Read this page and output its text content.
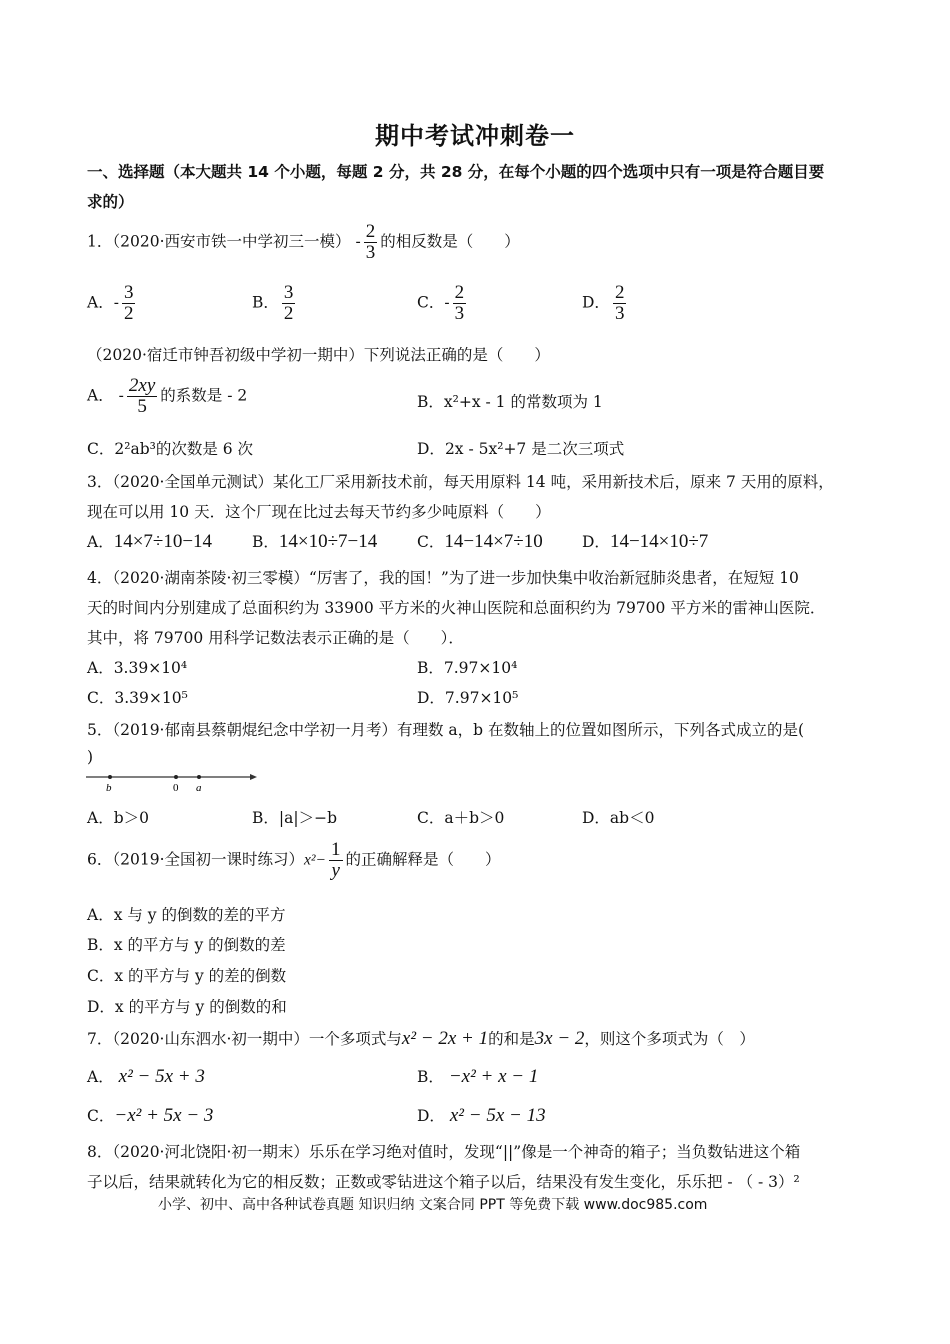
期中考试冲刺卷一
一、选择题（本大题共 14 个小题，每题 2 分，共 28 分，在每个小题的四个选项中只有一项是符合题目要
求的）
1．（2020·西安市铁一中学初三一模） - $\frac{2}{3}$ 的相反数是（　　）
A．- $\frac{3}{2}$	B． $\frac{3}{2}$	C．- $\frac{2}{3}$	D． $\frac{2}{3}$
（2020·宿迁市钟吾初级中学初一期中）下列说法正确的是（　　）
A． - $\frac{2xy}{5}$ 的系数是 - 2	B．x²+x - 1 的常数项为 1
C．2²ab³的次数是 6 次	D．2x - 5x²+7 是二次三项式
3．（2020·全国单元测试）某化工厂采用新技术前，每天用原料 14 吨，采用新技术后，原来 7 天用的原料，
现在可以用 10 天．这个厂现在比过去每天节约多少吨原料（　　）
A．14×7÷10−14	B．14×10÷7−14	C．14−14×7÷10	D．14−14×10÷7
4．（2020·湖南茶陵·初三零模）“厉害了，我的国！”为了进一步加快集中收治新冠肺炎患者，在短短 10
天的时间内分别建成了总面积约为 33900 平方米的火神山医院和总面积约为 79700 平方米的雷神山医院．
其中，将 79700 用科学记数法表示正确的是（　　）．
A．3.39×10⁴	B．7.97×10⁴
C．3.39×10⁵	D．7.97×10⁵
5．（2019·郁南县蔡朝焜纪念中学初一月考）有理数 a，b 在数轴上的位置如图所示，下列各式成立的是(
)
b	0 a
A．b＞0	B．|a|＞−b	C．a＋b＞0	D．ab＜0
6．（2019·全国初一课时练习）$x^2- \frac{1}{y}$ 的正确解释是（　　）
A．x 与 y 的倒数的差的平方
B．x 的平方与 y 的倒数的差
C．x 的平方与 y 的差的倒数
D．x 的平方与 y 的倒数的和
7．（2020·山东泗水·初一期中）一个多项式与x² − 2x + 1的和是3x − 2，则这个多项式为（　）
A． x² − 5x + 3	B． −x² + x − 1
C．−x² + 5x − 3	D． x² − 5x − 13
8．（2020·河北饶阳·初一期末）乐乐在学习绝对值时，发现“||”像是一个神奇的箱子；当负数钻进这个箱
子以后，结果就转化为它的相反数；正数或零钻进这个箱子以后，结果没有发生变化，乐乐把 - （ - 3）²
小学、初中、高中各种试卷真题 知识归纳 文案合同 PPT 等免费下载 www.doc985.com
